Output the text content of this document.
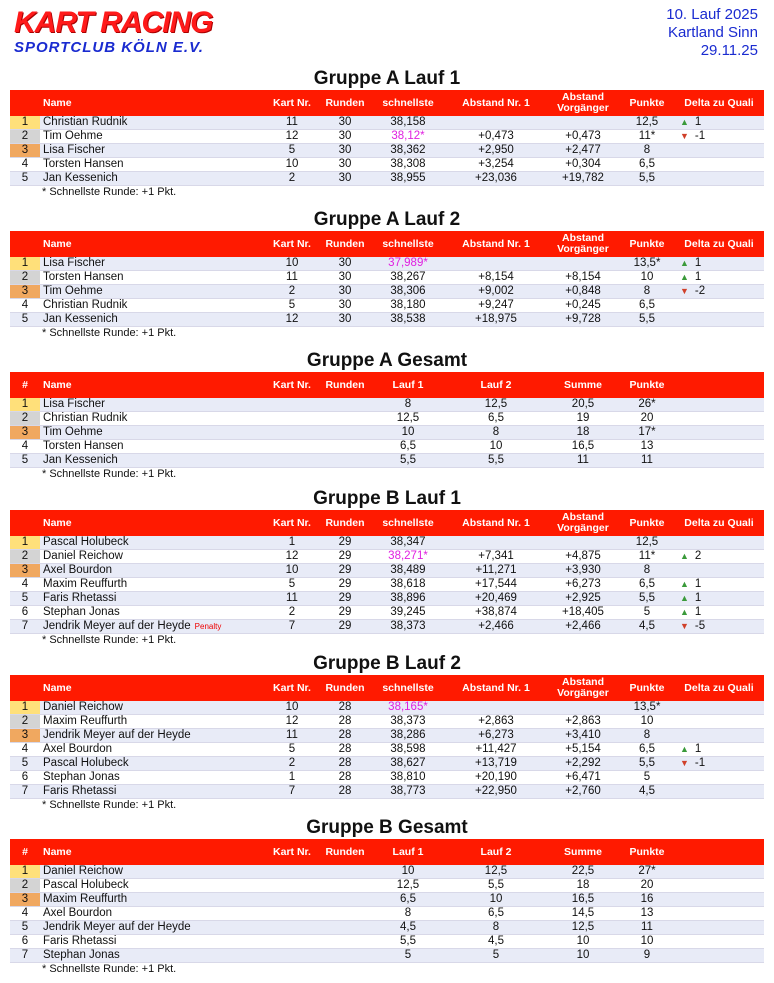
KART RACING
SPORTCLUB KÖLN E.V.
10. Lauf 2025
Kartland Sinn
29.11.25
Gruppe A Lauf 1
	Name	Kart Nr.	Runden	schnellste	Abstand Nr. 1	Abstand Vorgänger	Punkte	Delta zu Quali
1	Christian Rudnik	11	30	38,158			12,5	▲ 1
2	Tim Oehme	12	30	38,12*	+0,473	+0,473	11*	▼ -1
3	Lisa Fischer	5	30	38,362	+2,950	+2,477	8	
4	Torsten Hansen	10	30	38,308	+3,254	+0,304	6,5	
5	Jan Kessenich	2	30	38,955	+23,036	+19,782	5,5	
* Schnellste Runde: +1 Pkt.
Gruppe A Lauf 2
	Name	Kart Nr.	Runden	schnellste	Abstand Nr. 1	Abstand Vorgänger	Punkte	Delta zu Quali
1	Lisa Fischer	10	30	37,989*			13,5*	▲ 1
2	Torsten Hansen	11	30	38,267	+8,154	+8,154	10	▲ 1
3	Tim Oehme	2	30	38,306	+9,002	+0,848	8	▼ -2
4	Christian Rudnik	5	30	38,180	+9,247	+0,245	6,5	
5	Jan Kessenich	12	30	38,538	+18,975	+9,728	5,5	
* Schnellste Runde: +1 Pkt.
Gruppe A Gesamt
#	Name	Kart Nr.	Runden	Lauf 1	Lauf 2	Summe	Punkte	
1	Lisa Fischer			8	12,5	20,5	26*	
2	Christian Rudnik			12,5	6,5	19	20	
3	Tim Oehme			10	8	18	17*	
4	Torsten Hansen			6,5	10	16,5	13	
5	Jan Kessenich			5,5	5,5	11	11	
* Schnellste Runde: +1 Pkt.
Gruppe B Lauf 1
	Name	Kart Nr.	Runden	schnellste	Abstand Nr. 1	Abstand Vorgänger	Punkte	Delta zu Quali
1	Pascal Holubeck	1	29	38,347			12,5	
2	Daniel Reichow	12	29	38,271*	+7,341	+4,875	11*	▲ 2
3	Axel Bourdon	10	29	38,489	+11,271	+3,930	8	
4	Maxim Reuffurth	5	29	38,618	+17,544	+6,273	6,5	▲ 1
5	Faris Rhetassi	11	29	38,896	+20,469	+2,925	5,5	▲ 1
6	Stephan Jonas	2	29	39,245	+38,874	+18,405	5	▲ 1
7	Jendrik Meyer auf der Heyde Penalty	7	29	38,373	+2,466	+2,466	4,5	▼ -5
* Schnellste Runde: +1 Pkt.
Gruppe B Lauf 2
	Name	Kart Nr.	Runden	schnellste	Abstand Nr. 1	Abstand Vorgänger	Punkte	Delta zu Quali
1	Daniel Reichow	10	28	38,165*			13,5*	
2	Maxim Reuffurth	12	28	38,373	+2,863	+2,863	10	
3	Jendrik Meyer auf der Heyde	11	28	38,286	+6,273	+3,410	8	
4	Axel Bourdon	5	28	38,598	+11,427	+5,154	6,5	▲ 1
5	Pascal Holubeck	2	28	38,627	+13,719	+2,292	5,5	▼ -1
6	Stephan Jonas	1	28	38,810	+20,190	+6,471	5	
7	Faris Rhetassi	7	28	38,773	+22,950	+2,760	4,5	
* Schnellste Runde: +1 Pkt.
Gruppe B Gesamt
#	Name	Kart Nr.	Runden	Lauf 1	Lauf 2	Summe	Punkte	
1	Daniel Reichow			10	12,5	22,5	27*	
2	Pascal Holubeck			12,5	5,5	18	20	
3	Maxim Reuffurth			6,5	10	16,5	16	
4	Axel Bourdon			8	6,5	14,5	13	
5	Jendrik Meyer auf der Heyde			4,5	8	12,5	11	
6	Faris Rhetassi			5,5	4,5	10	10	
7	Stephan Jonas			5	5	10	9	
* Schnellste Runde: +1 Pkt.
